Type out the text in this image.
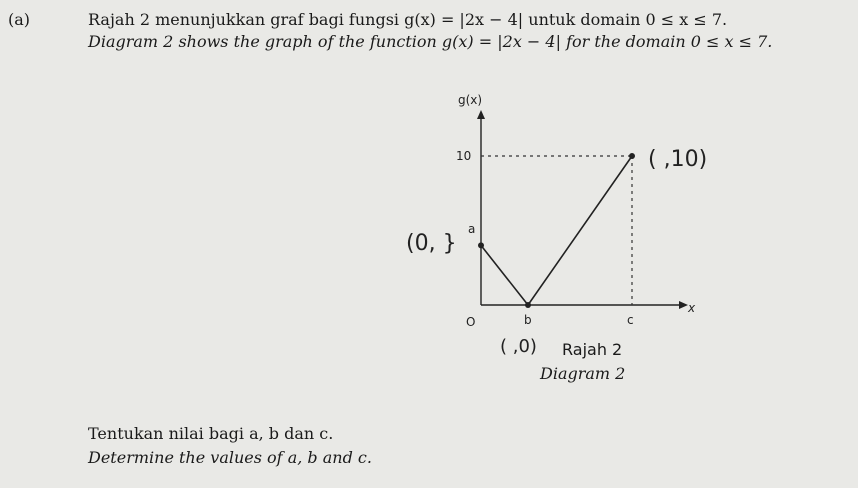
(a)	Rajah 2 menunjukkan graf bagi fungsi g(x) = |2x − 4| untuk domain 0 ≤ x ≤ 7.
Diagram 2 shows the graph of the function g(x) = |2x − 4| for the domain 0 ≤ x ≤ 7.
g(x)
x
O
10
a
b	c
( ,10)
(0, }
( ,0) Rajah 2
Diagram 2
Tentukan nilai bagi a, b dan c.
Determine the values of a, b and c.
